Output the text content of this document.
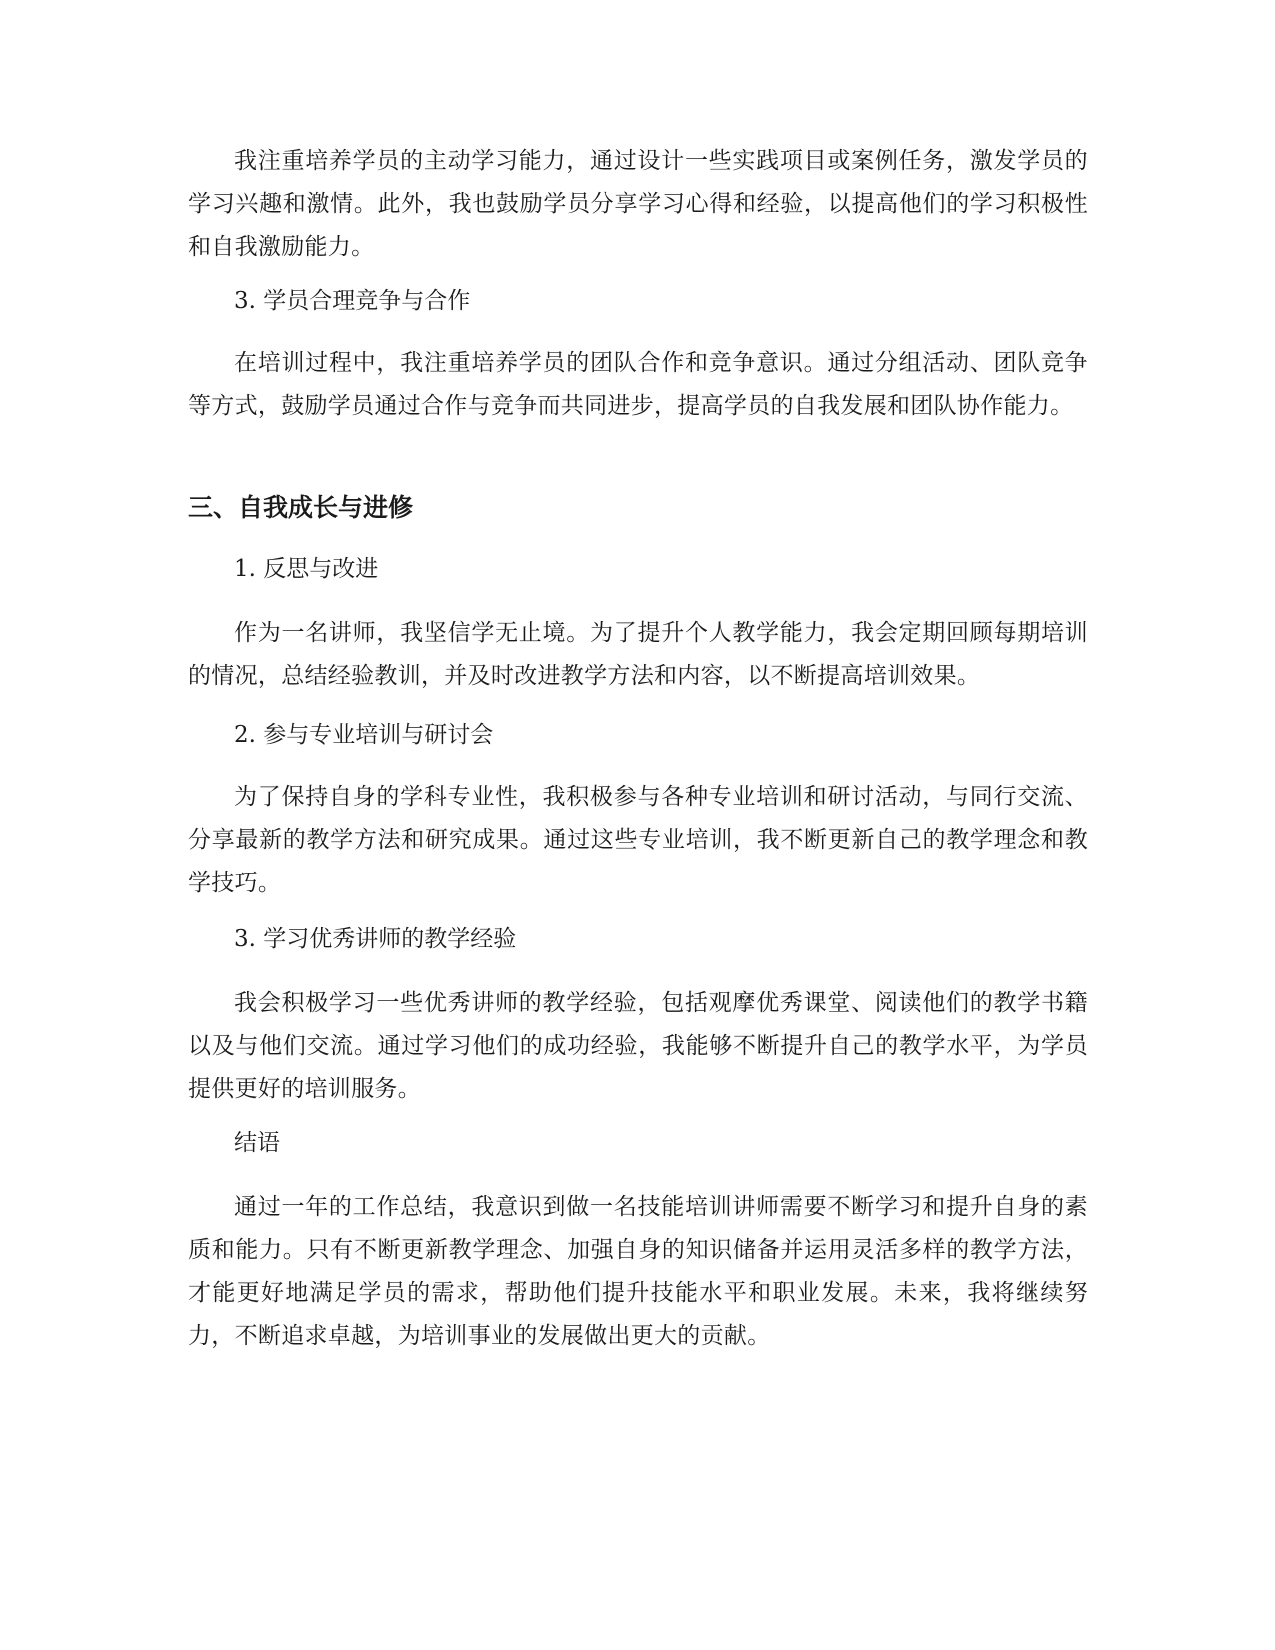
我注重培养学员的主动学习能力，通过设计一些实践项目或案例任务，激发学员的学习兴趣和激情。此外，我也鼓励学员分享学习心得和经验，以提高他们的学习积极性和自我激励能力。

3. 学员合理竞争与合作

在培训过程中，我注重培养学员的团队合作和竞争意识。通过分组活动、团队竞争等方式，鼓励学员通过合作与竞争而共同进步，提高学员的自我发展和团队协作能力。

三、自我成长与进修

1. 反思与改进

作为一名讲师，我坚信学无止境。为了提升个人教学能力，我会定期回顾每期培训的情况，总结经验教训，并及时改进教学方法和内容，以不断提高培训效果。

2. 参与专业培训与研讨会

为了保持自身的学科专业性，我积极参与各种专业培训和研讨活动，与同行交流、分享最新的教学方法和研究成果。通过这些专业培训，我不断更新自己的教学理念和教学技巧。

3. 学习优秀讲师的教学经验

我会积极学习一些优秀讲师的教学经验，包括观摩优秀课堂、阅读他们的教学书籍以及与他们交流。通过学习他们的成功经验，我能够不断提升自己的教学水平，为学员提供更好的培训服务。

结语

通过一年的工作总结，我意识到做一名技能培训讲师需要不断学习和提升自身的素质和能力。只有不断更新教学理念、加强自身的知识储备并运用灵活多样的教学方法，才能更好地满足学员的需求，帮助他们提升技能水平和职业发展。未来，我将继续努力，不断追求卓越，为培训事业的发展做出更大的贡献。
